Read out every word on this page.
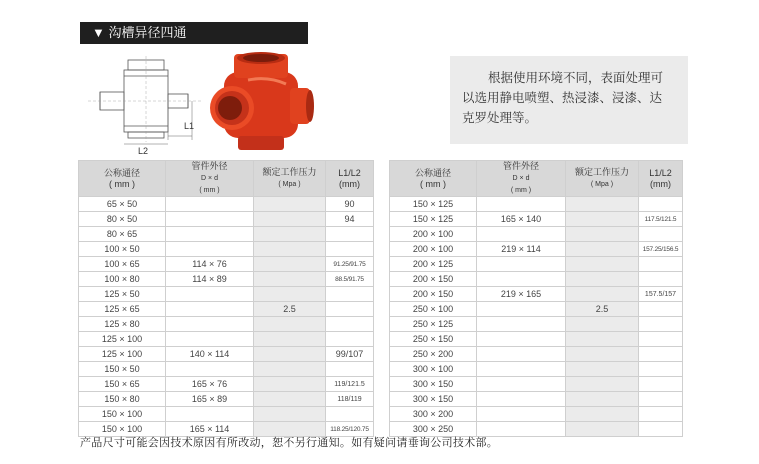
▼ 沟槽异径四通
L1
L2
根据使用环境不同，表面处理可
以选用静电喷塑、热浸漆、浸漆、达
克罗处理等。
公称通径
( mm )	管件外径
D × d
( mm )	额定工作压力
( Mpa )	L1/L2
(mm)		公称通径
( mm )	管件外径
D × d
( mm )	额定工作压力
( Mpa )	L1/L2
(mm)
65 × 50			90		150 × 125			
80 × 50			94		150 × 125	165 × 140		117.5/121.5
80 × 65					200 × 100			
100 × 50					200 × 100	219 × 114		157.25/156.5
100 × 65	114 × 76		91.25/91.75		200 × 125			
100 × 80	114 × 89		88.5/91.75		200 × 150			
125 × 50					200 × 150	219 × 165		157.5/157
125 × 65		2.5			250 × 100		2.5	
125 × 80					250 × 125			
125 × 100					250 × 150			
125 × 100	140 × 114		99/107		250 × 200			
150 × 50					300 × 100			
150 × 65	165 × 76		119/121.5		300 × 150			
150 × 80	165 × 89		118/119		300 × 150			
150 × 100					300 × 200			
150 × 100	165 × 114		118.25/120.75		300 × 250			
产品尺寸可能会因技术原因有所改动，恕不另行通知。如有疑问请垂询公司技术部。
